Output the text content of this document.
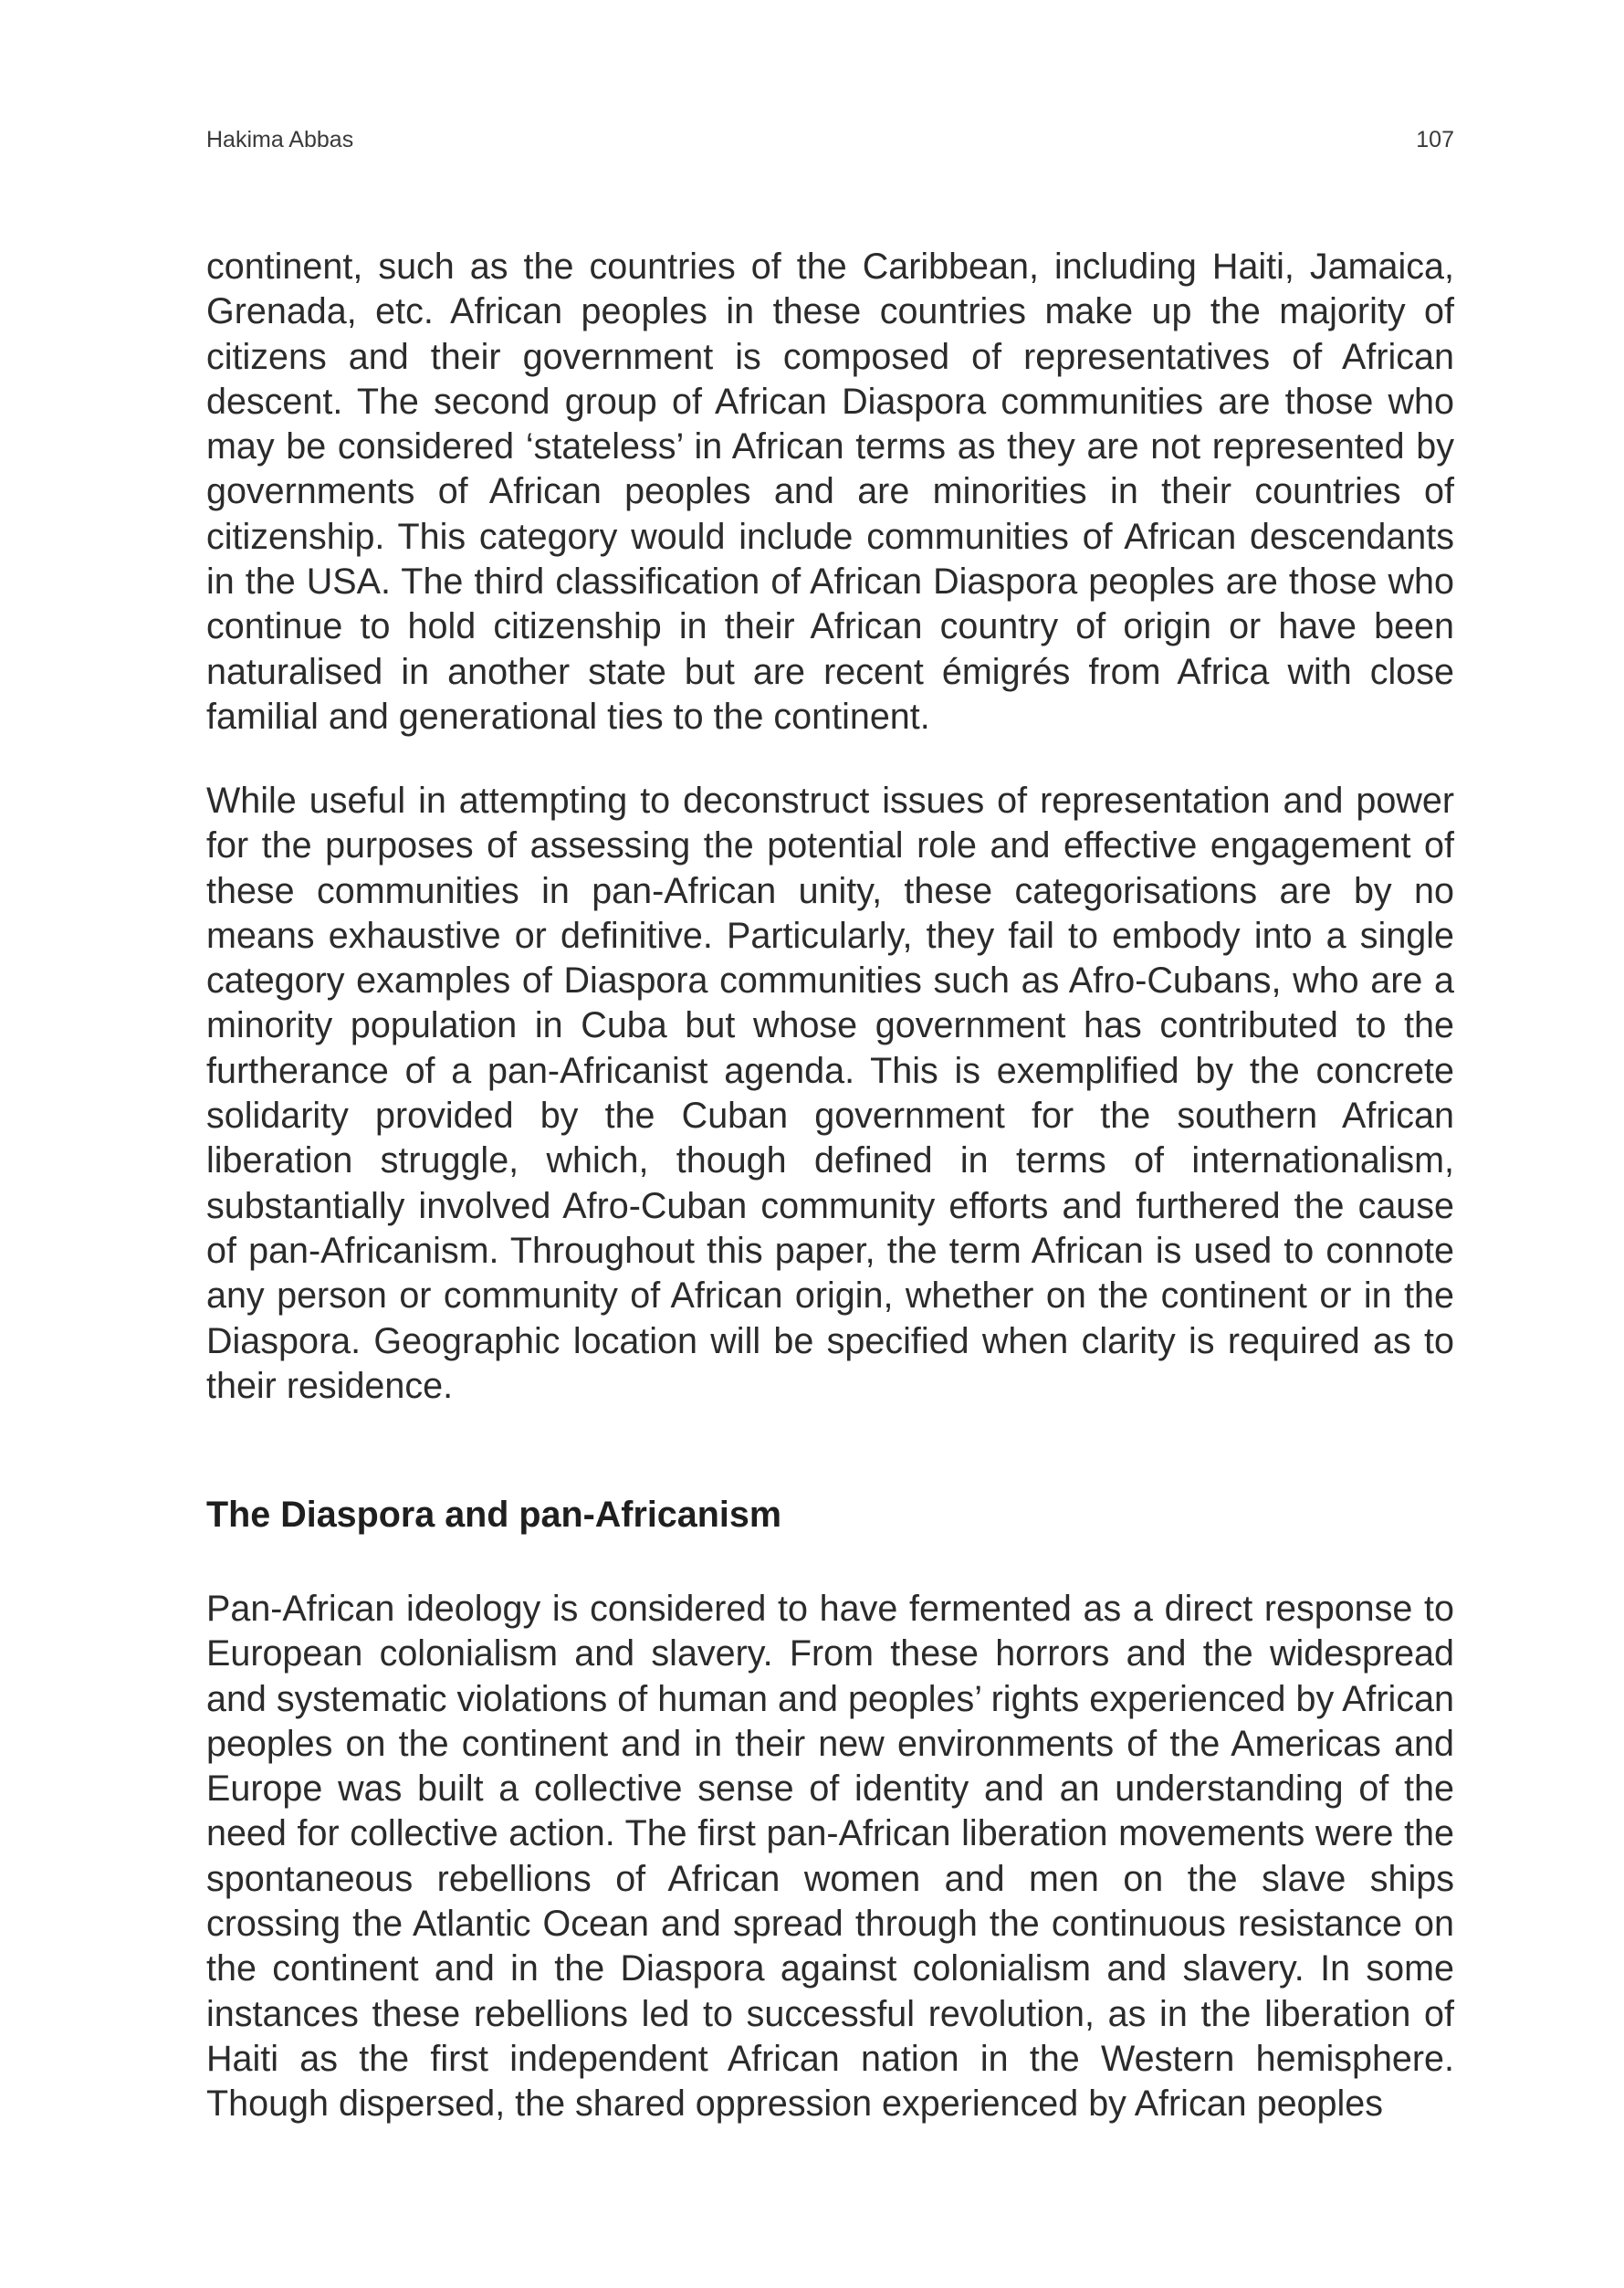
Hakima Abbas	107

continent, such as the countries of the Caribbean, including Haiti, Jamaica, Grenada, etc. African peoples in these countries make up the majority of citizens and their government is composed of representatives of African descent. The second group of African Diaspora communities are those who may be considered ‘stateless’ in African terms as they are not represented by governments of African peoples and are minorities in their countries of citizenship. This category would include communities of African descendants in the USA. The third classification of African Diaspora peoples are those who continue to hold citizenship in their African country of origin or have been naturalised in another state but are recent émigrés from Africa with close familial and generational ties to the continent.

While useful in attempting to deconstruct issues of representation and power for the purposes of assessing the potential role and effective engagement of these communities in pan-African unity, these categorisations are by no means exhaustive or definitive. Particularly, they fail to embody into a single category examples of Diaspora communities such as Afro-Cubans, who are a minority population in Cuba but whose government has contributed to the furtherance of a pan-Africanist agenda. This is exemplified by the concrete solidarity provided by the Cuban government for the southern African liberation struggle, which, though defined in terms of internationalism, substantially involved Afro-Cuban community efforts and furthered the cause of pan-Africanism. Throughout this paper, the term African is used to connote any person or community of African origin, whether on the continent or in the Diaspora. Geographic location will be specified when clarity is required as to their residence.

The Diaspora and pan-Africanism

Pan-African ideology is considered to have fermented as a direct response to European colonialism and slavery. From these horrors and the widespread and systematic violations of human and peoples’ rights experienced by African peoples on the continent and in their new environments of the Americas and Europe was built a collective sense of identity and an understanding of the need for collective action. The first pan-African liberation movements were the spontaneous rebellions of African women and men on the slave ships crossing the Atlantic Ocean and spread through the continuous resistance on the continent and in the Diaspora against colonialism and slavery. In some instances these rebellions led to successful revolution, as in the liberation of Haiti as the first independent African nation in the Western hemisphere. Though dispersed, the shared oppression experienced by African peoples
